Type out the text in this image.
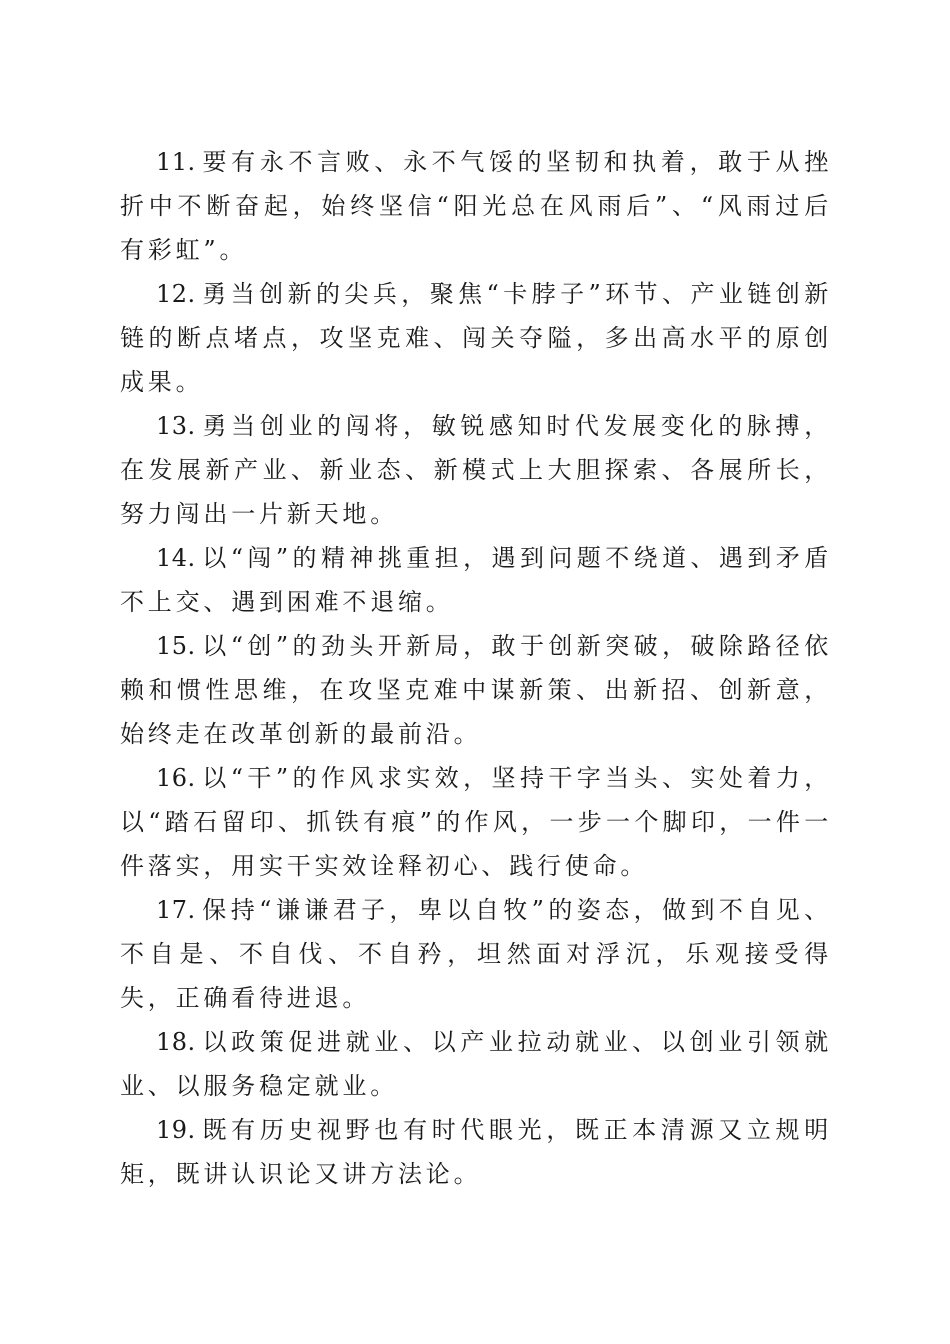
11. 要有永不言败、永不气馁的坚韧和执着，敢于从挫折中不断奋起，始终坚信“阳光总在风雨后”、“风雨过后有彩虹”。

12. 勇当创新的尖兵，聚焦“卡脖子”环节、产业链创新链的断点堵点，攻坚克难、闯关夺隘，多出高水平的原创成果。

13. 勇当创业的闯将，敏锐感知时代发展变化的脉搏，在发展新产业、新业态、新模式上大胆探索、各展所长，努力闯出一片新天地。

14. 以“闯”的精神挑重担，遇到问题不绕道、遇到矛盾不上交、遇到困难不退缩。

15. 以“创”的劲头开新局，敢于创新突破，破除路径依赖和惯性思维，在攻坚克难中谋新策、出新招、创新意，始终走在改革创新的最前沿。

16. 以“干”的作风求实效，坚持干字当头、实处着力，以“踏石留印、抓铁有痕”的作风，一步一个脚印，一件一件落实，用实干实效诠释初心、践行使命。

17. 保持“谦谦君子，卑以自牧”的姿态，做到不自见、不自是、不自伐、不自矜，坦然面对浮沉，乐观接受得失，正确看待进退。

18. 以政策促进就业、以产业拉动就业、以创业引领就业、以服务稳定就业。

19. 既有历史视野也有时代眼光，既正本清源又立规明矩，既讲认识论又讲方法论。
